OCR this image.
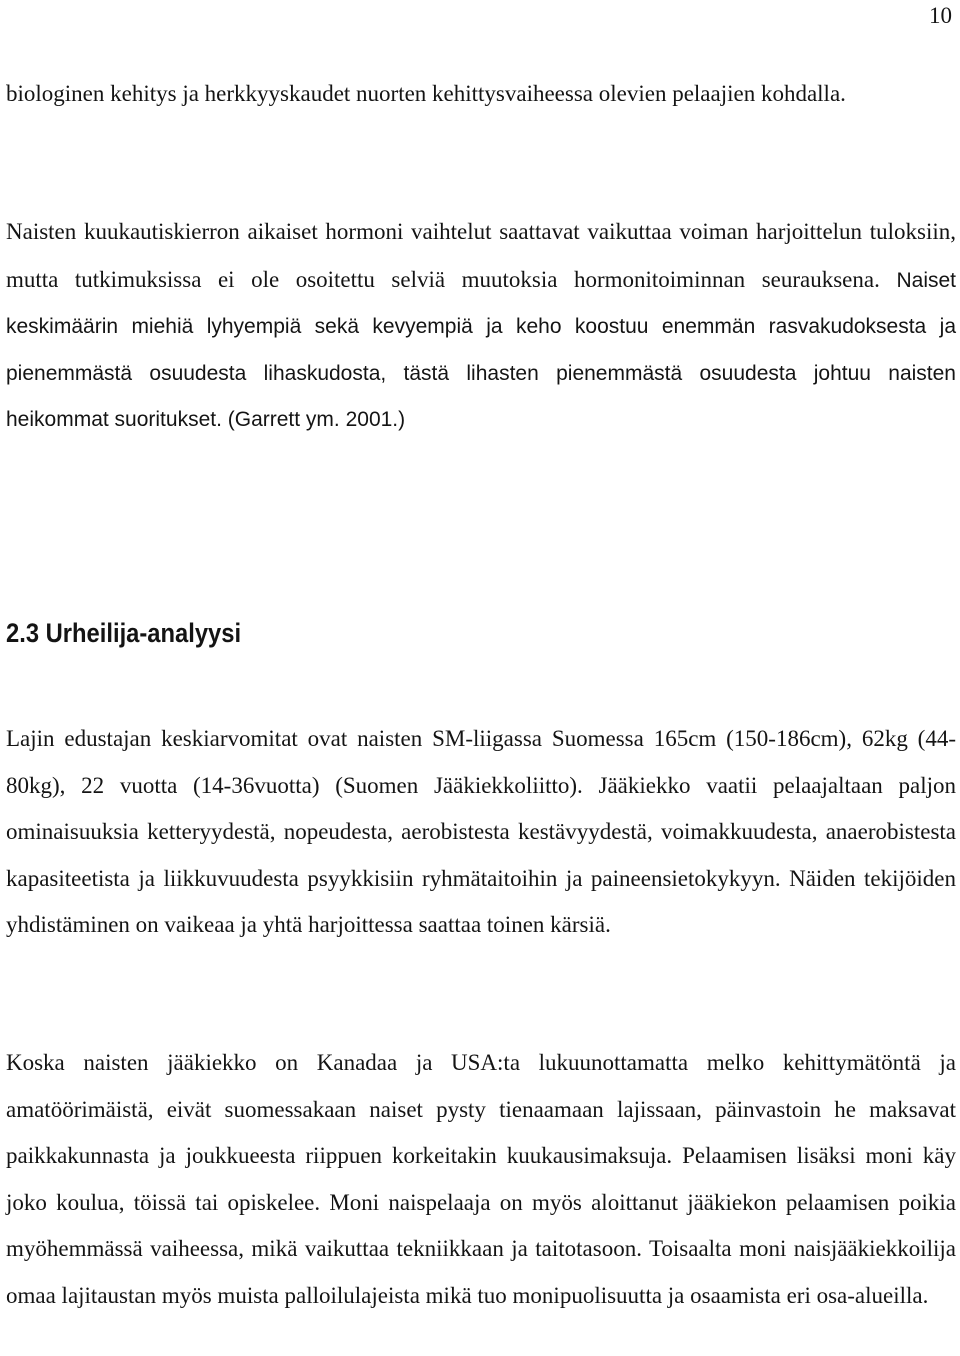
10

biologinen kehitys ja herkkyyskaudet nuorten kehittysvaiheessa olevien pelaajien kohdalla.

Naisten kuukautiskierron aikaiset hormoni vaihtelut saattavat vaikuttaa voiman harjoittelun tuloksiin, mutta tutkimuksissa ei ole osoitettu selviä muutoksia hormonitoiminnan seurauksena. Naiset keskimäärin miehiä lyhyempiä sekä kevyempiä ja keho koostuu enemmän rasvakudoksesta ja pienemmästä osuudesta lihaskudosta, tästä lihasten pienemmästä osuudesta johtuu naisten heikommat suoritukset. (Garrett ym. 2001.)

2.3 Urheilija-analyysi

Lajin edustajan keskiarvomitat ovat naisten SM-liigassa Suomessa 165cm (150-186cm), 62kg (44-80kg), 22 vuotta (14-36vuotta) (Suomen Jääkiekkoliitto). Jääkiekko vaatii pelaajaltaan paljon ominaisuuksia ketteryydestä, nopeudesta, aerobistesta kestävyydestä, voimakkuudesta, anaerobistesta kapasiteetista ja liikkuvuudesta psyykkisiin ryhmätaitoihin ja paineensietokykyyn. Näiden tekijöiden yhdistäminen on vaikeaa ja yhtä harjoittessa saattaa toinen kärsiä.

Koska naisten jääkiekko on Kanadaa ja USA:ta lukuunottamatta melko kehittymätöntä ja amatöörimäistä, eivät suomessakaan naiset pysty tienaamaan lajissaan, päinvastoin he maksavat paikkakunnasta ja joukkueesta riippuen korkeitakin kuukausimaksuja. Pelaamisen lisäksi moni käy joko koulua, töissä tai opiskelee. Moni naispelaaja on myös aloittanut jääkiekon pelaamisen poikia myöhemmässä vaiheessa, mikä vaikuttaa tekniikkaan ja taitotasoon. Toisaalta moni naisjääkiekkoilija omaa lajitaustan myös muista palloilulajeista mikä tuo monipuolisuutta ja osaamista eri osa-alueilla.
